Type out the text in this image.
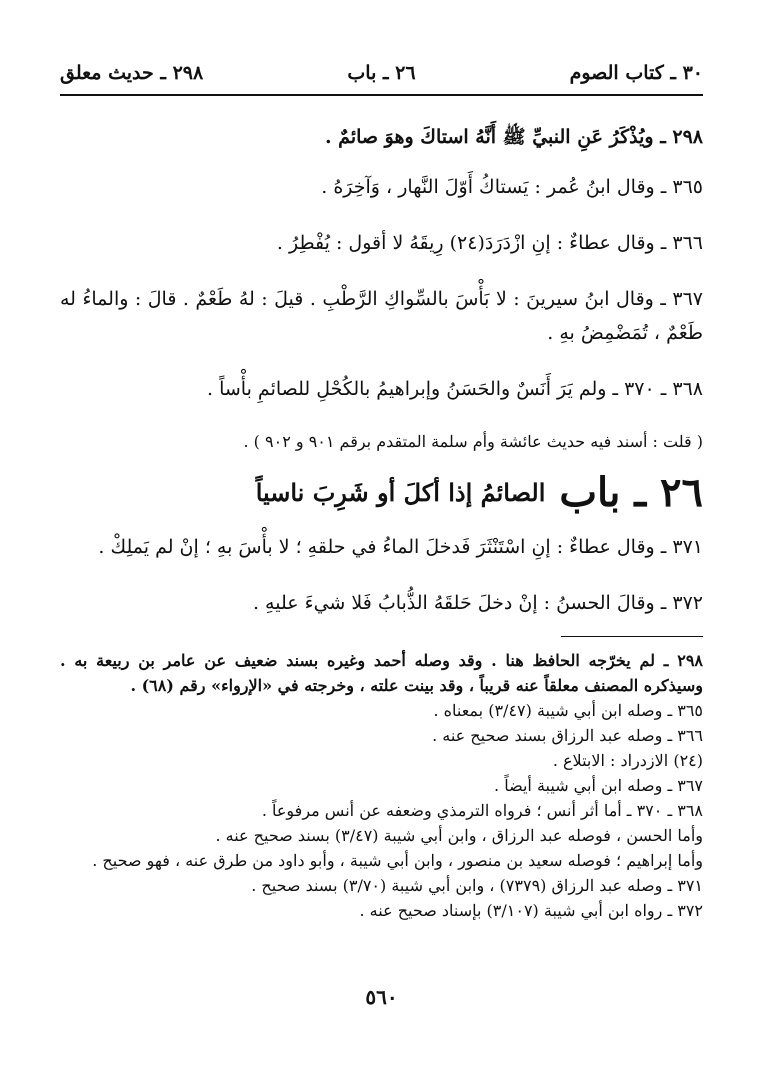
٣٠ ـ كتاب الصوم
٢٦ ـ باب
٢٩٨ ـ حديث معلق

٢٩٨ ـ ويُذْكَرُ عَنِ النبيِّ ﷺ أَنَّهُ استاكَ وهوَ صائمٌ .

٣٦٥ ـ وقال ابنُ عُمر : يَستاكُ أَوّلَ النَّهار ، وَآخِرَهُ .

٣٦٦ ـ وقال عطاءٌ : إنِ ازْدَرَدَ(٢٤) رِيقَهُ لا أقول : يُفْطِرُ .

٣٦٧ ـ وقال ابنُ سيرينَ : لا بَأْسَ بالسِّواكِ الرَّطْبِ . قيلَ : لهُ طَعْمٌ . قالَ : والماءُ له طَعْمٌ ، تُمَضْمِضُ بهِ .

٣٦٨ ـ ٣٧٠ ـ ولم يَرَ أَنَسٌ والحَسَنُ وإبراهيمُ بالكُحْلِ للصائمِ بأْساً .

( قلت : أسند فيه حديث عائشة وأم سلمة المتقدم برقم ٩٠١ و ٩٠٢ ) .

٢٦ ـ
باب
الصائمُ إذا أكلَ أو شَرِبَ ناسياً

٣٧١ ـ وقال عطاءٌ : إنِ اسْتَنْثَرَ فَدخلَ الماءُ في حلقهِ ؛ لا بأْسَ بهِ ؛ إنْ لم يَملِكْ .

٣٧٢ ـ وقالَ الحسنُ : إنْ دخلَ حَلقَهُ الذُّبابُ فَلا شيءَ عليهِ .

٢٩٨ ـ لم يخرّجه الحافظ هنا . وقد وصله أحمد وغيره بسند ضعيف عن عامر بن ربيعة به . وسيذكره المصنف معلقاً عنه قريباً ، وقد بينت علته ، وخرجته في «الإرواء» رقم (٦٨) .

٣٦٥ ـ وصله ابن أبي شيبة (٣/٤٧) بمعناه .

٣٦٦ ـ وصله عبد الرزاق بسند صحيح عنه .

(٢٤) الازدراد : الابتلاع .

٣٦٧ ـ وصله ابن أبي شيبة أيضاً .

٣٦٨ ـ ٣٧٠ ـ أما أثر أنس ؛ فرواه الترمذي وضعفه عن أنس مرفوعاً .

وأما الحسن ، فوصله عبد الرزاق ، وابن أبي شيبة (٣/٤٧) بسند صحيح عنه .

وأما إبراهيم ؛ فوصله سعيد بن منصور ، وابن أبي شيبة ، وأبو داود من طرق عنه ، فهو صحيح .

٣٧١ ـ وصله عبد الرزاق (٧٣٧٩) ، وابن أبي شيبة (٣/٧٠) بسند صحيح .

٣٧٢ ـ رواه ابن أبي شيبة (٣/١٠٧) بإسناد صحيح عنه .

٥٦٠
